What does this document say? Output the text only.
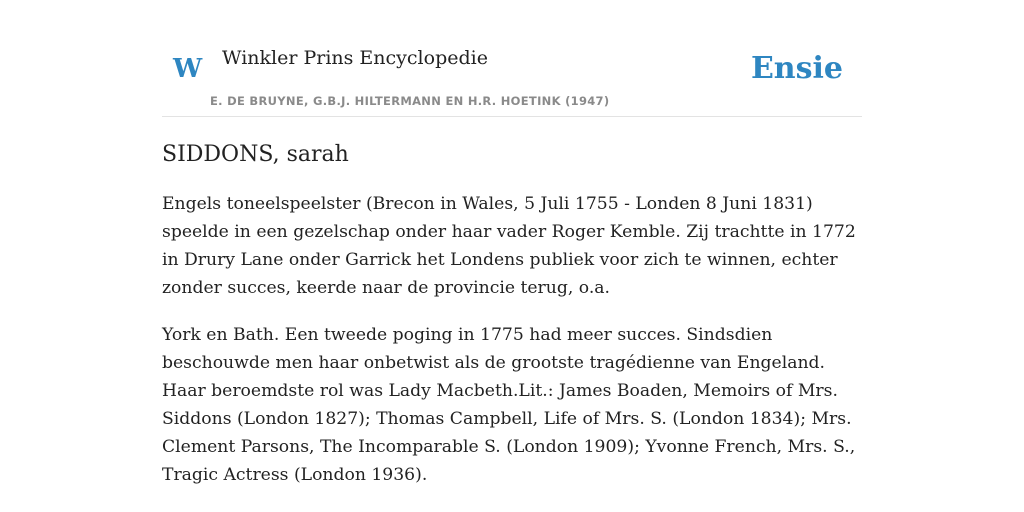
W Winkler Prins Encyclopedie
E. DE BRUYNE, G.B.J. HILTERMANN EN H.R. HOETINK (1947)
Ensie
SIDDONS, sarah

Engels toneelspeelster (Brecon in Wales, 5 Juli 1755 - Londen 8 Juni 1831) speelde in een gezelschap onder haar vader Roger Kemble. Zij trachtte in 1772 in Drury Lane onder Garrick het Londens publiek voor zich te winnen, echter zonder succes, keerde naar de provincie terug, o.a.

York en Bath. Een tweede poging in 1775 had meer succes. Sindsdien beschouwde men haar onbetwist als de grootste tragédienne van Engeland. Haar beroemdste rol was Lady Macbeth.Lit.: James Boaden, Memoirs of Mrs. Siddons (London 1827); Thomas Campbell, Life of Mrs. S. (London 1834); Mrs. Clement Parsons, The Incomparable S. (London 1909); Yvonne French, Mrs. S., Tragic Actress (London 1936).
